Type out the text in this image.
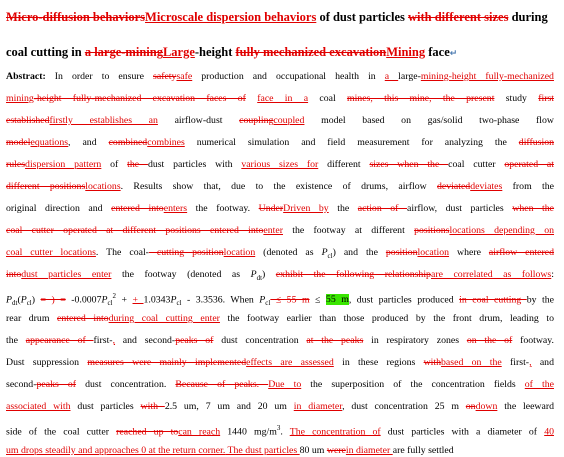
Micro-diffusion behaviorsMicroscale dispersion behaviors of dust particles with different sizes during
coal cutting in a large-miningLarge-height fully mechanized excavationMining face↵
Abstract: In order to ensure safetysafe production and occupational health in a large-mining-height fully-mechanized
mining-height fully-mechanized excavation faces of face in a coal mines, this mine, the present study first
establishedfirstly establishes an airflow-dust couplingcoupled model based on gas/solid two-phase flow
modelequations, and combinedcombines numerical simulation and field measurement for analyzing the diffusion
rulesdispersion pattern of the dust particles with various sizes for different sizes when the coal cutter operated at
different positionslocations. Results show that, due to the existence of drums, airflow deviateddeviates from the
original direction and entered intoenters the footway. UnderDriven by the action of airflow, dust particles when the
coal cutter operated at different positions entered intoenter the footway at different positionslocations depending on
coal cutter locations. The coal- cutting positionlocation (denoted as $P_{cl}$) and the positionlocation where airflow entered
intodust particles enter the footway (denoted as $P_{dt}$) exhibit the following relationshipare correlated as follows:
$P_{dt}(P_{cl})$ = ) = $-0.0007P_{cl}^2$ + + $1.0343P_{cl} - 3.3536$. When $P_{cl} \le 55$ m ≤ 55 m, dust particles produced in coal cutting by the
rear drum entered intoduring coal cutting enter the footway earlier than those produced by the front drum, leading to
the appearance of first-, and second-peaks of dust concentration at the peaks in respiratory zones on the of footway.
Dust suppression measures were mainly implementedeffects are assessed in these regions withbased on the first-, and
second-peaks of dust concentration. Because of peaks. Due to the superposition of the concentration fields of the
associated with dust particles with 2.5 um, 7 um and 20 um in diameter, dust concentration 25 m ondown the leeward
side of the coal cutter reached up tocan reach 1440 $mg/m^3$. The concentration of dust particles with a diameter of 40
um drops steadily and approaches 0 at the return corner. The dust particles 80 um werein diameter are fully settled
